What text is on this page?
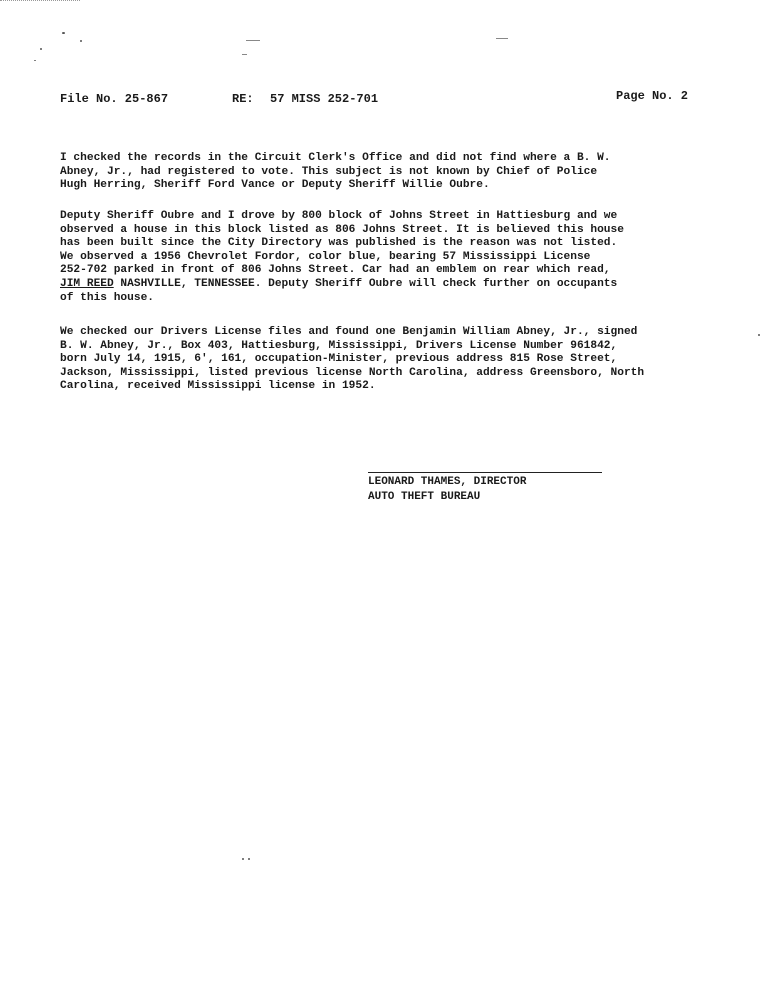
File No. 25-867	RE: 57 MISS 252-701	Page No. 2
I checked the records in the Circuit Clerk's Office and did not find where a B. W.
Abney, Jr., had registered to vote. This subject is not known by Chief of Police
Hugh Herring, Sheriff Ford Vance or Deputy Sheriff Willie Oubre.
Deputy Sheriff Oubre and I drove by 800 block of Johns Street in Hattiesburg and we
observed a house in this block listed as 806 Johns Street. It is believed this house
has been built since the City Directory was published is the reason was not listed.
We observed a 1956 Chevrolet Fordor, color blue, bearing 57 Mississippi License
252-702 parked in front of 806 Johns Street. Car had an emblem on rear which read,
JIM REED NASHVILLE, TENNESSEE. Deputy Sheriff Oubre will check further on occupants
of this house.
We checked our Drivers License files and found one Benjamin William Abney, Jr., signed
B. W. Abney, Jr., Box 403, Hattiesburg, Mississippi, Drivers License Number 961842,
born July 14, 1915, 6', 161, occupation-Minister, previous address 815 Rose Street,
Jackson, Mississippi, listed previous license North Carolina, address Greensboro, North
Carolina, received Mississippi license in 1952.
LEONARD THAMES, DIRECTOR
AUTO THEFT BUREAU
